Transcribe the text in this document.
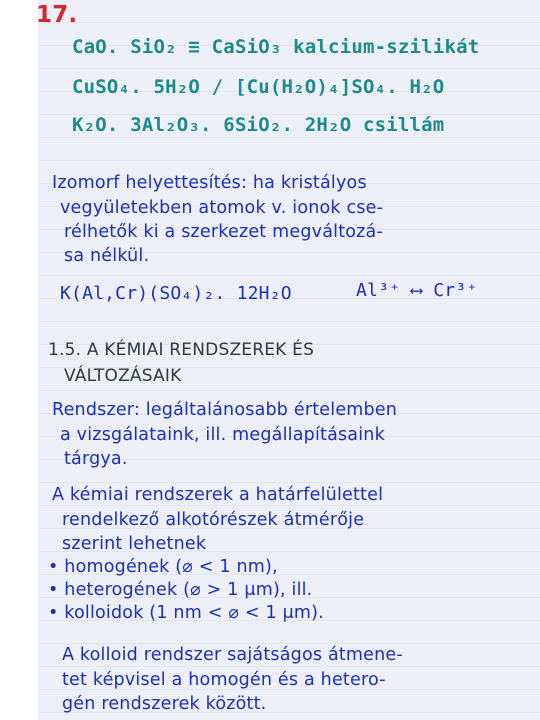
17.
CaO. SiO₂ ≡ CaSiO₃ kalcium-szilikát
CuSO₄. 5H₂O / [Cu(H₂O)₄]SO₄. H₂O
K₂O. 3Al₂O₃. 6SiO₂. 2H₂O csillám
Izomorf helyettesítés: ha kristályos
vegyületekben atomok v. ionok cse-
rélhetők ki a szerkezet megváltozá-
sa nélkül.
K(Al,Cr)(SO₄)₂. 12H₂O	Al³⁺ ⟷ Cr³⁺
1.5. A KÉMIAI RENDSZEREK ÉS
VÁLTOZÁSAIK
Rendszer: legáltalánosabb értelemben
a vizsgálataink, ill. megállapításaink
tárgya.
A kémiai rendszerek a határfelülettel
rendelkező alkotórészek átmérője
szerint lehetnek
• homogének (⌀ < 1 nm),
• heterogének (⌀ > 1 μm), ill.
• kolloidok (1 nm < ⌀ < 1 μm).
A kolloid rendszer sajátságos átmene-
tet képvisel a homogén és a hetero-
gén rendszerek között.
